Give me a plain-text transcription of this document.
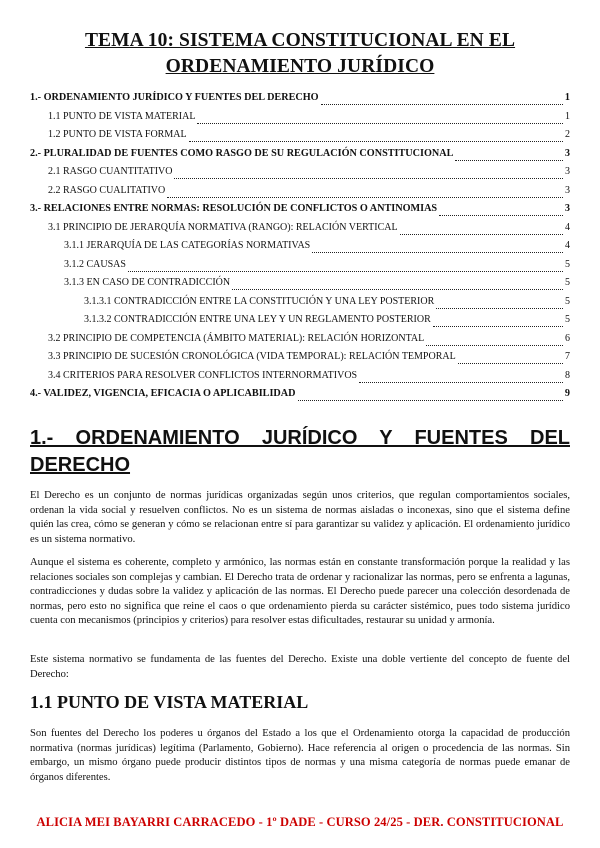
TEMA 10: SISTEMA CONSTITUCIONAL EN EL
ORDENAMIENTO JURÍDICO
1.- ORDENAMIENTO JURÍDICO Y FUENTES DEL DERECHO	1
1.1 PUNTO DE VISTA MATERIAL	1
1.2 PUNTO DE VISTA FORMAL	2
2.- PLURALIDAD DE FUENTES COMO RASGO DE SU REGULACIÓN CONSTITUCIONAL	3
2.1 RASGO CUANTITATIVO	3
2.2 RASGO CUALITATIVO	3
3.- RELACIONES ENTRE NORMAS: RESOLUCIÓN DE CONFLICTOS O ANTINOMIAS	3
3.1 PRINCIPIO DE JERARQUÍA NORMATIVA (RANGO): RELACIÓN VERTICAL	4
3.1.1 JERARQUÍA DE LAS CATEGORÍAS NORMATIVAS	4
3.1.2 CAUSAS	5
3.1.3 EN CASO DE CONTRADICCIÓN	5
3.1.3.1 CONTRADICCIÓN ENTRE LA CONSTITUCIÓN Y UNA LEY POSTERIOR	5
3.1.3.2 CONTRADICCIÓN ENTRE UNA LEY Y UN REGLAMENTO POSTERIOR	5
3.2 PRINCIPIO DE COMPETENCIA (ÁMBITO MATERIAL): RELACIÓN HORIZONTAL	6
3.3 PRINCIPIO DE SUCESIÓN CRONOLÓGICA (VIDA TEMPORAL): RELACIÓN TEMPORAL	7
3.4 CRITERIOS PARA RESOLVER CONFLICTOS INTERNORMATIVOS	8
4.- VALIDEZ, VIGENCIA, EFICACIA O APLICABILIDAD	9
1.- ORDENAMIENTO JURÍDICO Y FUENTES DEL
DERECHO
El Derecho es un conjunto de normas jurídicas organizadas según unos criterios, que regulan comportamientos sociales, ordenan la vida social y resuelven conflictos. No es un sistema de normas aisladas o inconexas, sino que el sistema define quién las crea, cómo se generan y cómo se relacionan entre sí para garantizar su validez y aplicación. El ordenamiento jurídico es un sistema normativo.
Aunque el sistema es coherente, completo y armónico, las normas están en constante transformación porque la realidad y las relaciones sociales son complejas y cambian. El Derecho trata de ordenar y racionalizar las normas, pero se enfrenta a lagunas, contradicciones y dudas sobre la validez y aplicación de las normas. El Derecho puede parecer una colección desordenada de normas, pero esto no significa que reine el caos o que ordenamiento pierda su carácter sistémico, pues todo sistema jurídico cuenta con mecanismos (principios y criterios) para resolver estas dificultades, restaurar su unidad y armonía.
Este sistema normativo se fundamenta de las fuentes del Derecho. Existe una doble vertiente del concepto de fuente del Derecho:
1.1 PUNTO DE VISTA MATERIAL
Son fuentes del Derecho los poderes u órganos del Estado a los que el Ordenamiento otorga la capacidad de producción normativa (normas jurídicas) legítima (Parlamento, Gobierno). Hace referencia al origen o procedencia de las normas. Sin embargo, un mismo órgano puede producir distintos tipos de normas y una misma categoría de normas puede emanar de órganos diferentes.
ALICIA MEI BAYARRI CARRACEDO - 1º DADE - CURSO 24/25 - DER. CONSTITUCIONAL
